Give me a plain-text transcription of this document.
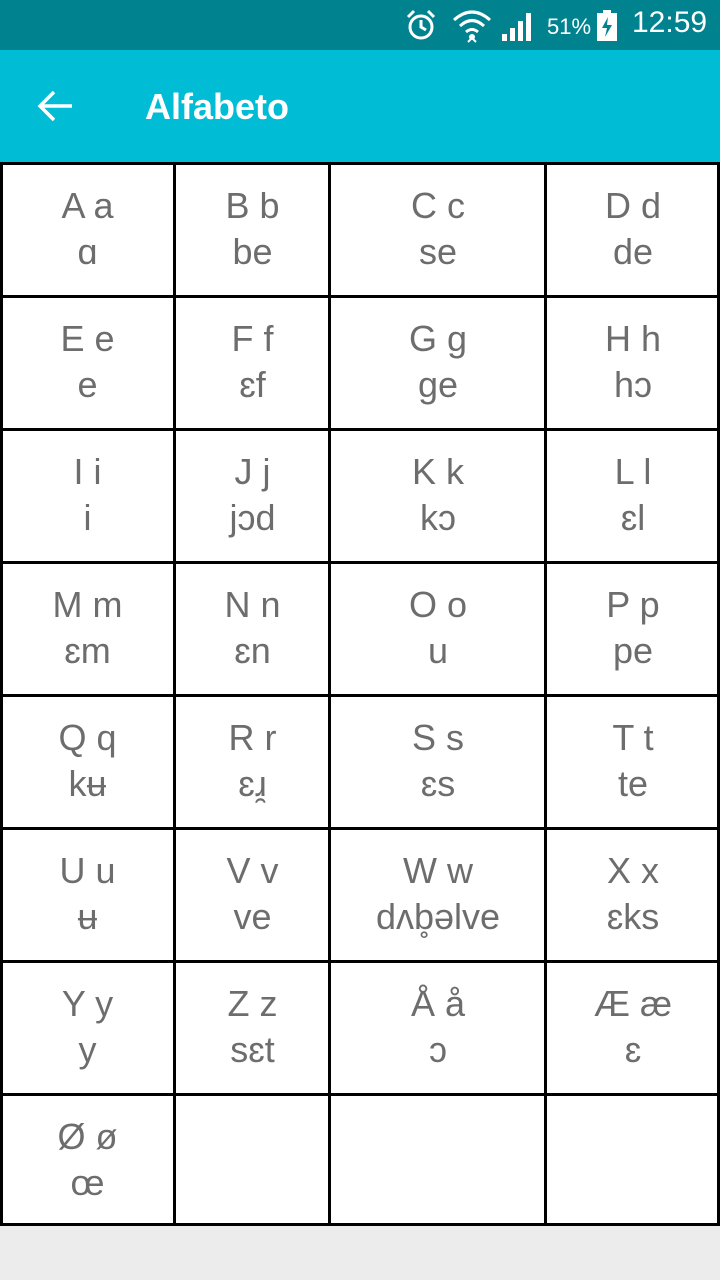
51% 12:59
Alfabeto
A a
ɑ
B b
be
C c
se
D d
de
E e
e
F f
ɛf
G g
ge
H h
hɔ
I i
i
J j
jɔd
K k
kɔ
L l
ɛl
M m
ɛm
N n
ɛn
O o
u
P p
pe
Q q
kʉ
R r
ɛɹ̯
S s
ɛs
T t
te
U u
ʉ
V v
ve
W w
dʌb̥əlve
X x
ɛks
Y y
y
Z z
sɛt
Å å
ɔ
Æ æ
ɛ
Ø ø
œ
